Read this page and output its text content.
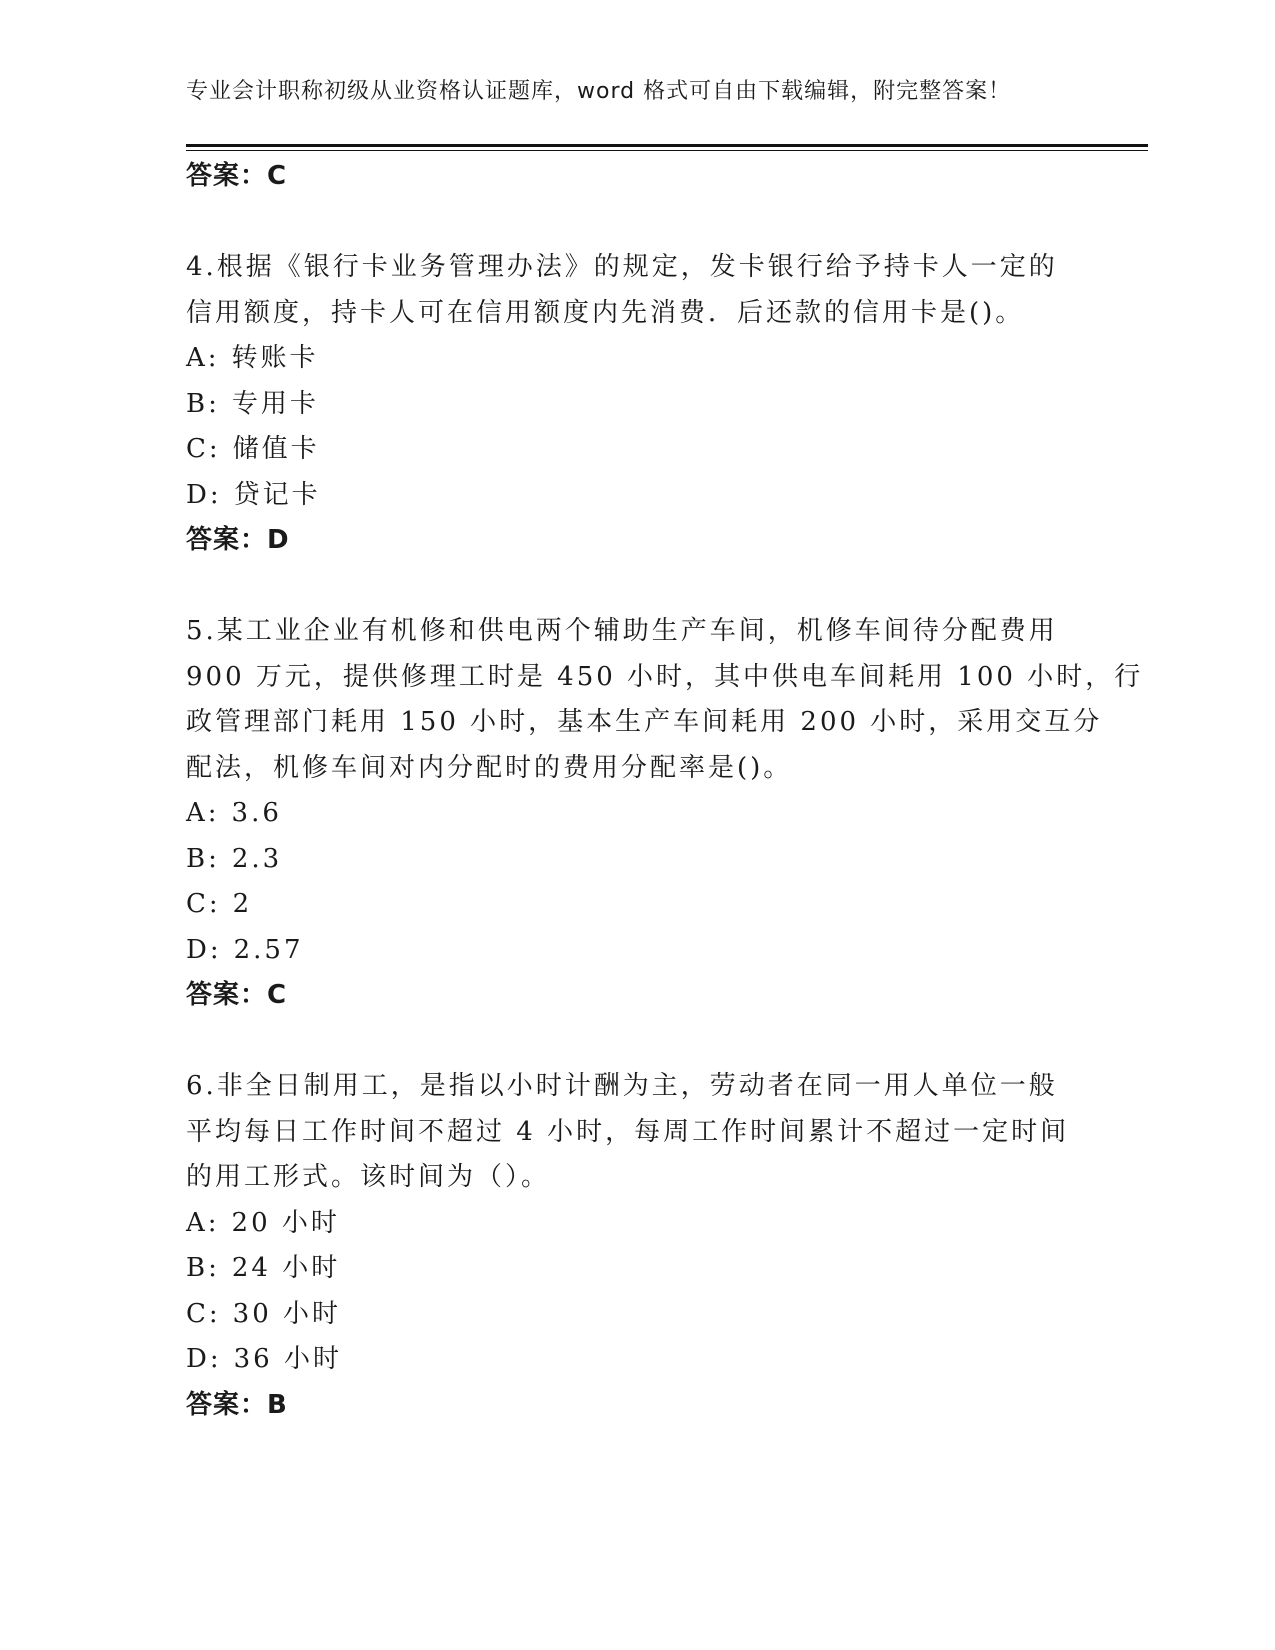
专业会计职称初级从业资格认证题库，word 格式可自由下载编辑，附完整答案！
答案：C
4.根据《银行卡业务管理办法》的规定，发卡银行给予持卡人一定的
信用额度，持卡人可在信用额度内先消费．后还款的信用卡是()。
A: 转账卡
B: 专用卡
C: 储值卡
D: 贷记卡
答案：D
5.某工业企业有机修和供电两个辅助生产车间，机修车间待分配费用
900 万元，提供修理工时是 450 小时，其中供电车间耗用 100 小时，行
政管理部门耗用 150 小时，基本生产车间耗用 200 小时，采用交互分
配法，机修车间对内分配时的费用分配率是()。
A: 3.6
B: 2.3
C: 2
D: 2.57
答案：C
6.非全日制用工，是指以小时计酬为主，劳动者在同一用人单位一般
平均每日工作时间不超过 4 小时，每周工作时间累计不超过一定时间
的用工形式。该时间为（）。
A: 20 小时
B: 24 小时
C: 30 小时
D: 36 小时
答案：B
